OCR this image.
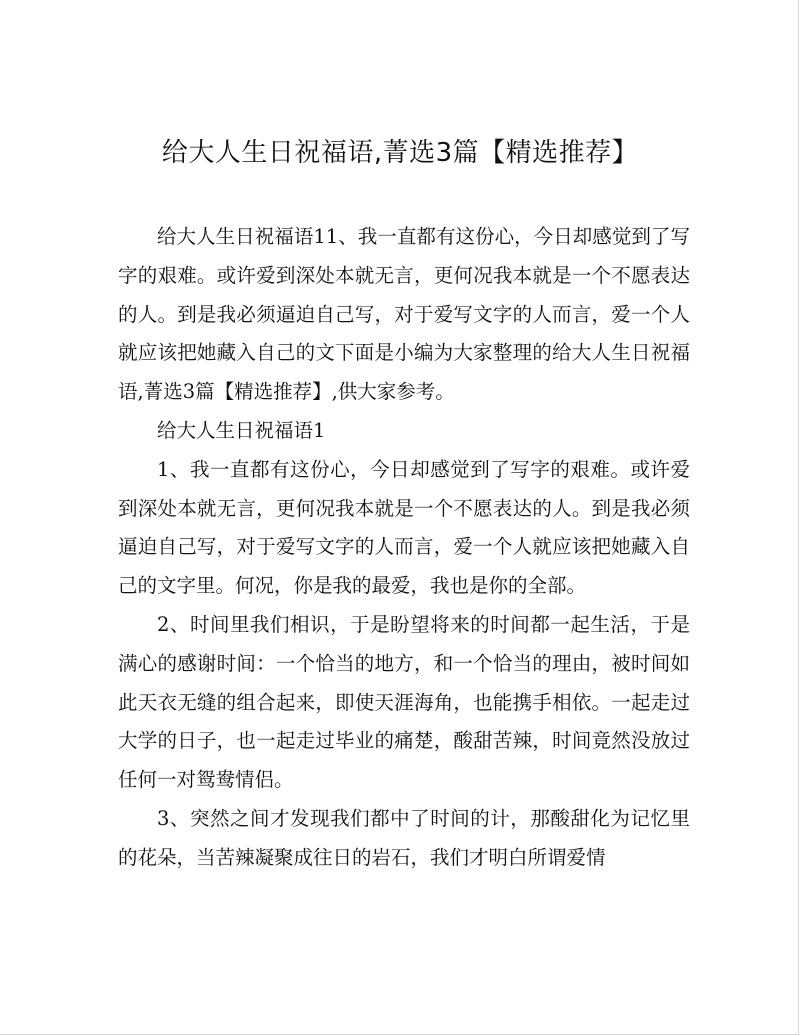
给大人生日祝福语,菁选3篇【精选推荐】

给大人生日祝福语11、我一直都有这份心，今日却感觉到了写字的艰难。或许爱到深处本就无言，更何况我本就是一个不愿表达的人。到是我必须逼迫自己写，对于爱写文字的人而言，爱一个人就应该把她藏入自己的文下面是小编为大家整理的给大人生日祝福语,菁选3篇【精选推荐】,供大家参考。

给大人生日祝福语1

1、我一直都有这份心，今日却感觉到了写字的艰难。或许爱到深处本就无言，更何况我本就是一个不愿表达的人。到是我必须逼迫自己写，对于爱写文字的人而言，爱一个人就应该把她藏入自己的文字里。何况，你是我的最爱，我也是你的全部。

2、时间里我们相识，于是盼望将来的时间都一起生活，于是满心的感谢时间：一个恰当的地方，和一个恰当的理由，被时间如此天衣无缝的组合起来，即使天涯海角，也能携手相依。一起走过大学的日子，也一起走过毕业的痛楚，酸甜苦辣，时间竟然没放过任何一对鸳鸯情侣。

3、突然之间才发现我们都中了时间的计，那酸甜化为记忆里的花朵，当苦辣凝聚成往日的岩石，我们才明白所谓爱情
